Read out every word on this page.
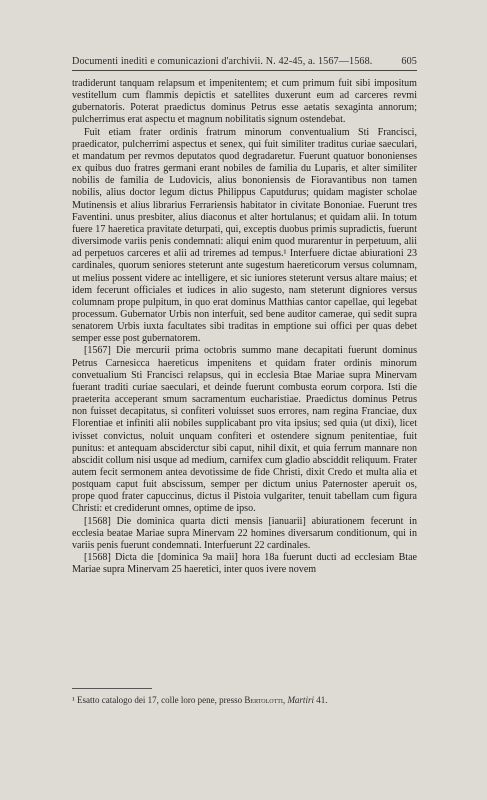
Documenti inediti e comunicazioni d'archivii. N. 42-45, a. 1567—1568.	605

tradiderunt tanquam relapsum et impenitentem; et cum primum fuit sibi impositum vestitellum cum flammis depictis et satellites duxerunt eum ad carceres revmi gubernatoris. Poterat praedictus dominus Petrus esse aetatis sexaginta annorum; pulcherrimus erat aspectu et magnum nobilitatis signum ostendebat.

Fuit etiam frater ordinis fratrum minorum conventualium Sti Francisci, praedicator, pulcherrimi aspectus et senex, qui fuit similiter traditus curiae saeculari, et mandatum per revmos deputatos quod degradaretur. Fuerunt quatuor bononienses ex quibus duo fratres germani erant nobiles de familia du Luparis, et alter similiter nobilis de familia de Ludovicis, alius bononiensis de Fioravantibus non tamen nobilis, alius doctor legum dictus Philippus Caputdurus; quidam magister scholae Mutinensis et alius librarius Ferrariensis habitator in civitate Bononiae. Fuerunt tres Faventini. unus presbiter, alius diaconus et alter hortulanus; et quidam alii. In totum fuere 17 haeretica pravitate deturpati, qui, exceptis duobus primis supradictis, fuerunt diversimode variis penis condemnati: aliqui enim quod murarentur in perpetuum, alii ad perpetuos carceres et alii ad triremes ad tempus.¹ Interfuere dictae abiurationi 23 cardinales, quorum seniores steterunt ante sugestum haereticorum versus columnam, ut melius possent videre ac intelligere, et sic iuniores steterunt versus altare maius; et idem fecerunt officiales et iudices in alio sugesto, nam steterunt digniores versus columnam prope pulpitum, in quo erat dominus Matthias cantor capellae, qui legebat processum. Gubernator Urbis non interfuit, sed bene auditor camerae, qui sedit supra senatorem Urbis iuxta facultates sibi traditas in emptione sui offici per quas debet semper esse post gubernatorem.

[1567] Die mercurii prima octobris summo mane decapitati fuerunt dominus Petrus Carnesicca haereticus impenitens et quidam frater ordinis minorum convetualium Sti Francisci relapsus, qui in ecclesia Btae Mariae supra Minervam fuerant traditi curiae saeculari, et deinde fuerunt combusta eorum corpora. Isti die praeterita acceperant smum sacramentum eucharistiae. Praedictus dominus Petrus non fuisset decapitatus, si confiteri voluisset suos errores, nam regina Franciae, dux Florentiae et infiniti alii nobiles supplicabant pro vita ipsius; sed quia (ut dixi), licet ivisset convictus, noluit unquam confiteri et ostendere signum penitentiae, fuit punitus: et antequam absciderctur sibi caput, nihil dixit, et quia ferrum mannare non abscidit collum nisi usque ad medium, carnifex cum gladio absciddit reliquum. Frater autem fecit sermonem antea devotissime de fide Christi, dixit Credo et multa alia et postquam caput fuit abscissum, semper per dictum unius Paternoster aperuit os, prope quod frater capuccinus, dictus il Pistoia vulgariter, tenuit tabellam cum figura Christi: et crediderunt omnes, optime de ipso.

[1568] Die dominica quarta dicti mensis [ianuarii] abiurationem fecerunt in ecclesia beatae Mariae supra Minervam 22 homines diversarum conditionum, qui in variis penis fuerunt condemnati. Interfuerunt 22 cardinales.

[1568] Dicta die [dominica 9a maii] hora 18a fuerunt ducti ad ecclesiam Btae Mariae supra Minervam 25 haeretici, inter quos ivere novem

¹ Esatto catalogo dei 17, colle loro pene, presso Bertolotti, Martiri 41.
